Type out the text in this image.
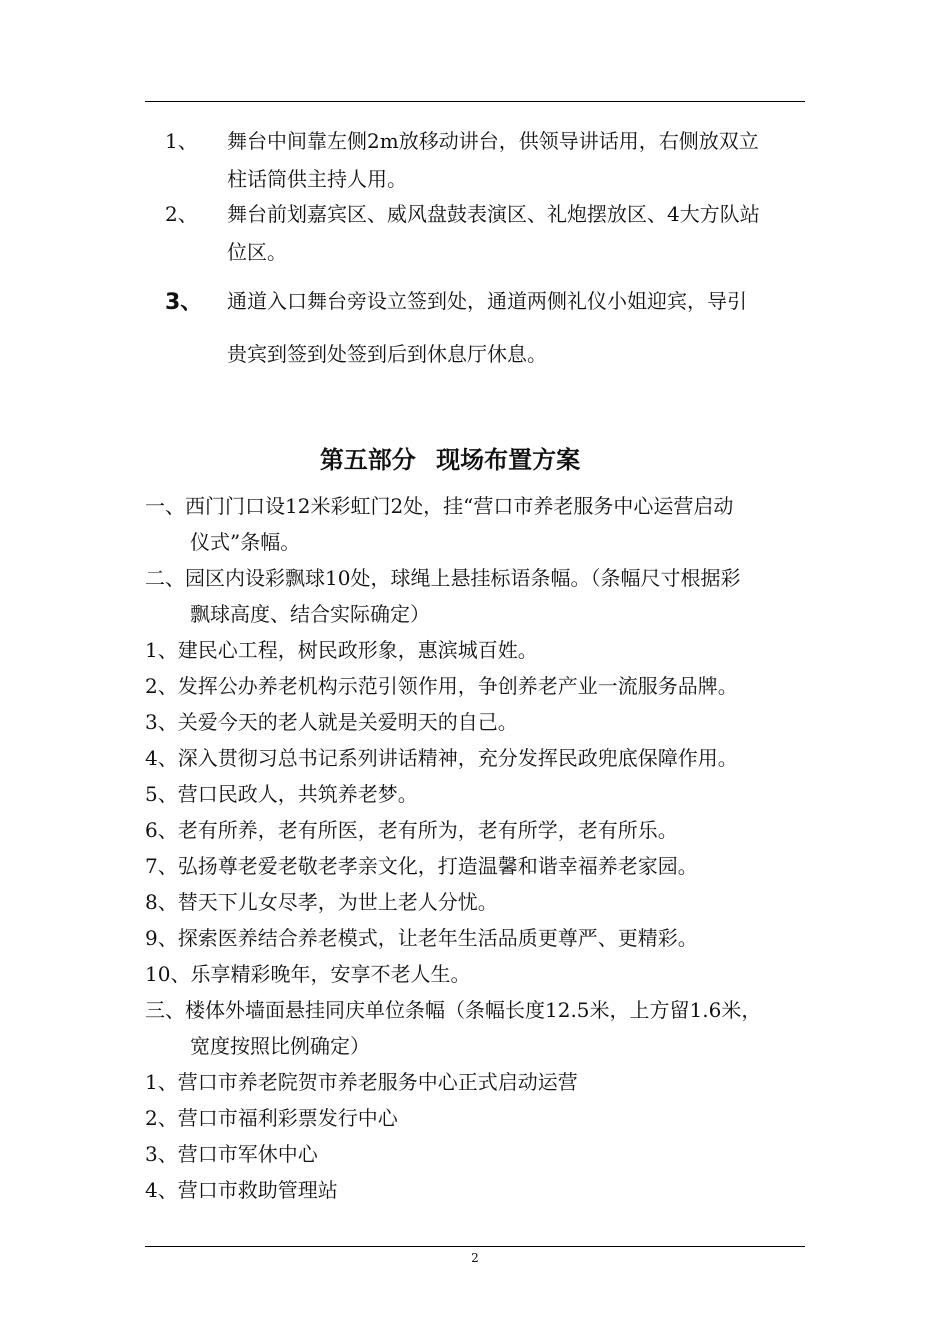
1、 舞台中间靠左侧2m放移动讲台，供领导讲话用，右侧放双立
柱话筒供主持人用。
2、 舞台前划嘉宾区、威风盘鼓表演区、礼炮摆放区、4大方队站
位区。
3、 通道入口舞台旁设立签到处，通道两侧礼仪小姐迎宾，导引
贵宾到签到处签到后到休息厅休息。
第五部分 现场布置方案
一、西门门口设12米彩虹门2处，挂“营口市养老服务中心运营启动
仪式”条幅。
二、园区内设彩飘球10处，球绳上悬挂标语条幅。（条幅尺寸根据彩
飘球高度、结合实际确定）
1、建民心工程，树民政形象，惠滨城百姓。
2、发挥公办养老机构示范引领作用，争创养老产业一流服务品牌。
3、关爱今天的老人就是关爱明天的自己。
4、深入贯彻习总书记系列讲话精神，充分发挥民政兜底保障作用。
5、营口民政人，共筑养老梦。
6、老有所养，老有所医，老有所为，老有所学，老有所乐。
7、弘扬尊老爱老敬老孝亲文化，打造温馨和谐幸福养老家园。
8、替天下儿女尽孝，为世上老人分忧。
9、探索医养结合养老模式，让老年生活品质更尊严、更精彩。
10、乐享精彩晚年，安享不老人生。
三、楼体外墙面悬挂同庆单位条幅（条幅长度12.5米，上方留1.6米，
宽度按照比例确定）
1、营口市养老院贺市养老服务中心正式启动运营
2、营口市福利彩票发行中心
3、营口市军休中心
4、营口市救助管理站
2
